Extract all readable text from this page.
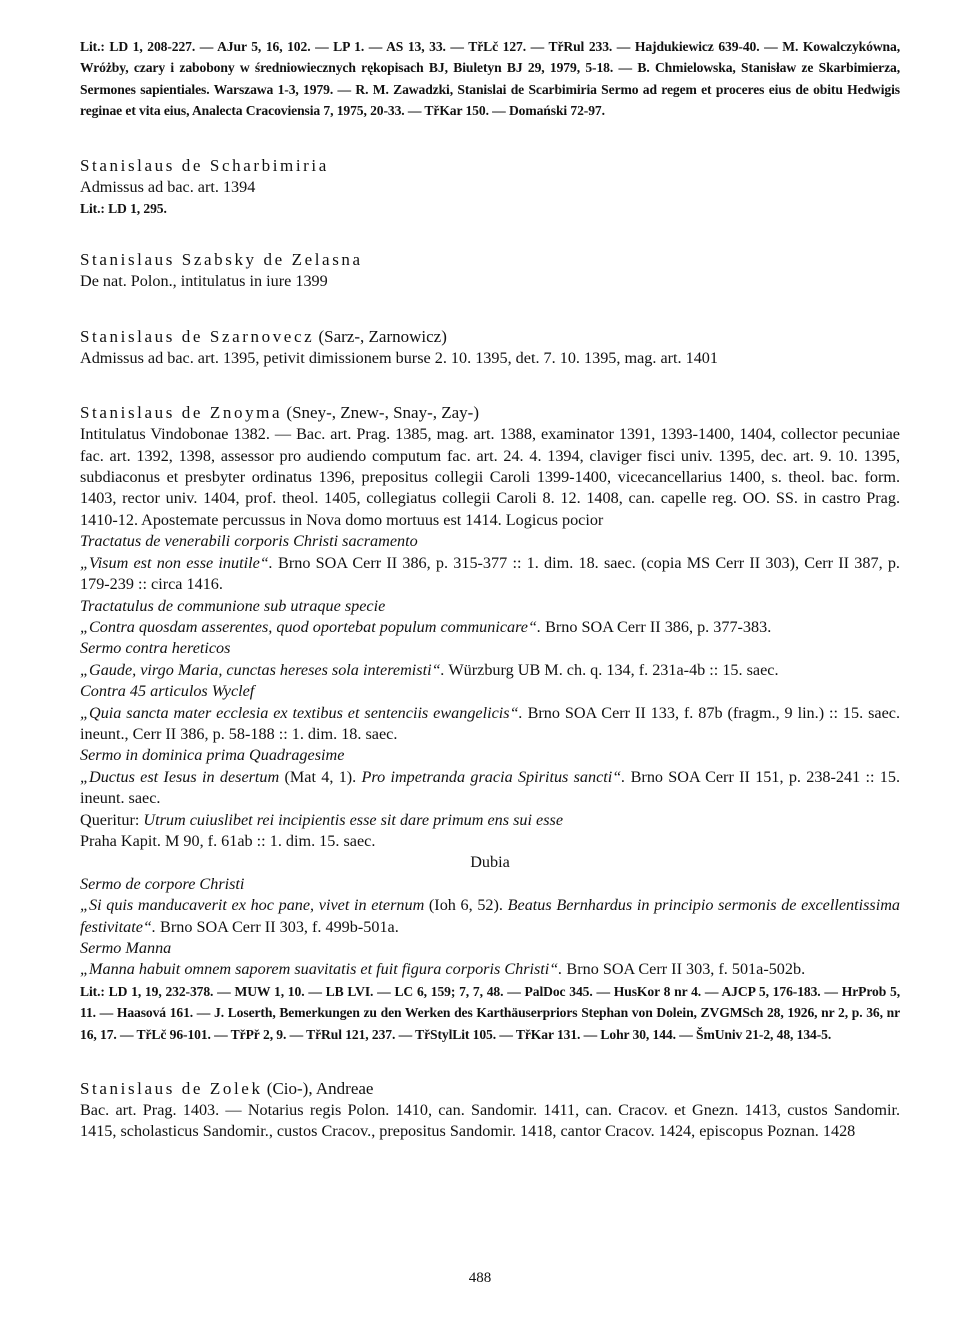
Lit.: LD 1, 208-227. — AJur 5, 16, 102. — LP 1. — AS 13, 33. — TřLč 127. — TřRul 233. — Hajdukiewicz 639-40. — M. Kowalczykówna, Wróżby, czary i zabobony w średniowiecznych rękopisach BJ, Biuletyn BJ 29, 1979, 5-18. — B. Chmielowska, Stanisław ze Skarbimierza, Sermones sapientiales. Warszawa 1-3, 1979. — R. M. Zawadzki, Stanislai de Scarbimiria Sermo ad regem et proceres eius de obitu Hedwigis reginae et vita eius, Analecta Cracoviensia 7, 1975, 20-33. — TřKar 150. — Domański 72-97.

Stanislaus de Scharbimiria

Admissus ad bac. art. 1394

Lit.: LD 1, 295.

Stanislaus Szabsky de Zelasna

De nat. Polon., intitulatus in iure 1399

Stanislaus de Szarnovecz (Sarz-, Zarnowicz)

Admissus ad bac. art. 1395, petivit dimissionem burse 2. 10. 1395, det. 7. 10. 1395, mag. art. 1401

Stanislaus de Znoyma (Sney-, Znew-, Snay-, Zay-)

Intitulatus Vindobonae 1382. — Bac. art. Prag. 1385, mag. art. 1388, examinator 1391, 1393-1400, 1404, collector pecuniae fac. art. 1392, 1398, assessor pro audiendo computum fac. art. 24. 4. 1394, claviger fisci univ. 1395, dec. art. 9. 10. 1395, subdiaconus et presbyter ordinatus 1396, prepositus collegii Caroli 1399-1400, vicecancellarius 1400, s. theol. bac. form. 1403, rector univ. 1404, prof. theol. 1405, collegiatus collegii Caroli 8. 12. 1408, can. capelle reg. OO. SS. in castro Prag. 1410-12. Apostemate percussus in Nova domo mortuus est 1414. Logicus pocior

Tractatus de venerabili corporis Christi sacramento

„Visum est non esse inutile“. Brno SOA Cerr II 386, p. 315-377 :: 1. dim. 18. saec. (copia MS Cerr II 303), Cerr II 387, p. 179-239 :: circa 1416.

Tractatulus de communione sub utraque specie

„Contra quosdam asserentes, quod oportebat populum communicare“. Brno SOA Cerr II 386, p. 377-383.

Sermo contra hereticos

„Gaude, virgo Maria, cunctas hereses sola interemisti“. Würzburg UB M. ch. q. 134, f. 231a-4b :: 15. saec.

Contra 45 articulos Wyclef

„Quia sancta mater ecclesia ex textibus et sentenciis ewangelicis“. Brno SOA Cerr II 133, f. 87b (fragm., 9 lin.) :: 15. saec. ineunt., Cerr II 386, p. 58-188 :: 1. dim. 18. saec.

Sermo in dominica prima Quadragesime

„Ductus est Iesus in desertum (Mat 4, 1). Pro impetranda gracia Spiritus sancti“. Brno SOA Cerr II 151, p. 238-241 :: 15. ineunt. saec.

Queritur: Utrum cuiuslibet rei incipientis esse sit dare primum ens sui esse

Praha Kapit. M 90, f. 61ab :: 1. dim. 15. saec.

Dubia

Sermo de corpore Christi

„Si quis manducaverit ex hoc pane, vivet in eternum (Ioh 6, 52). Beatus Bernhardus in principio sermonis de excellentissima festivitate“. Brno SOA Cerr II 303, f. 499b-501a.

Sermo Manna

„Manna habuit omnem saporem suavitatis et fuit figura corporis Christi“. Brno SOA Cerr II 303, f. 501a-502b.

Lit.: LD 1, 19, 232-378. — MUW 1, 10. — LB LVI. — LC 6, 159; 7, 7, 48. — PalDoc 345. — HusKor 8 nr 4. — AJCP 5, 176-183. — HrProb 5, 11. — Haasová 161. — J. Loserth, Bemerkungen zu den Werken des Karthäuserpriors Stephan von Dolein, ZVGMSch 28, 1926, nr 2, p. 36, nr 16, 17. — TřLč 96-101. — TřPř 2, 9. — TřRul 121, 237. — TřStylLit 105. — TřKar 131. — Lohr 30, 144. — ŠmUniv 21-2, 48, 134-5.

Stanislaus de Zolek (Cio-), Andreae

Bac. art. Prag. 1403. — Notarius regis Polon. 1410, can. Sandomir. 1411, can. Cracov. et Gnezn. 1413, custos Sandomir. 1415, scholasticus Sandomir., custos Cracov., prepositus Sandomir. 1418, cantor Cracov. 1424, episcopus Poznan. 1428

488
